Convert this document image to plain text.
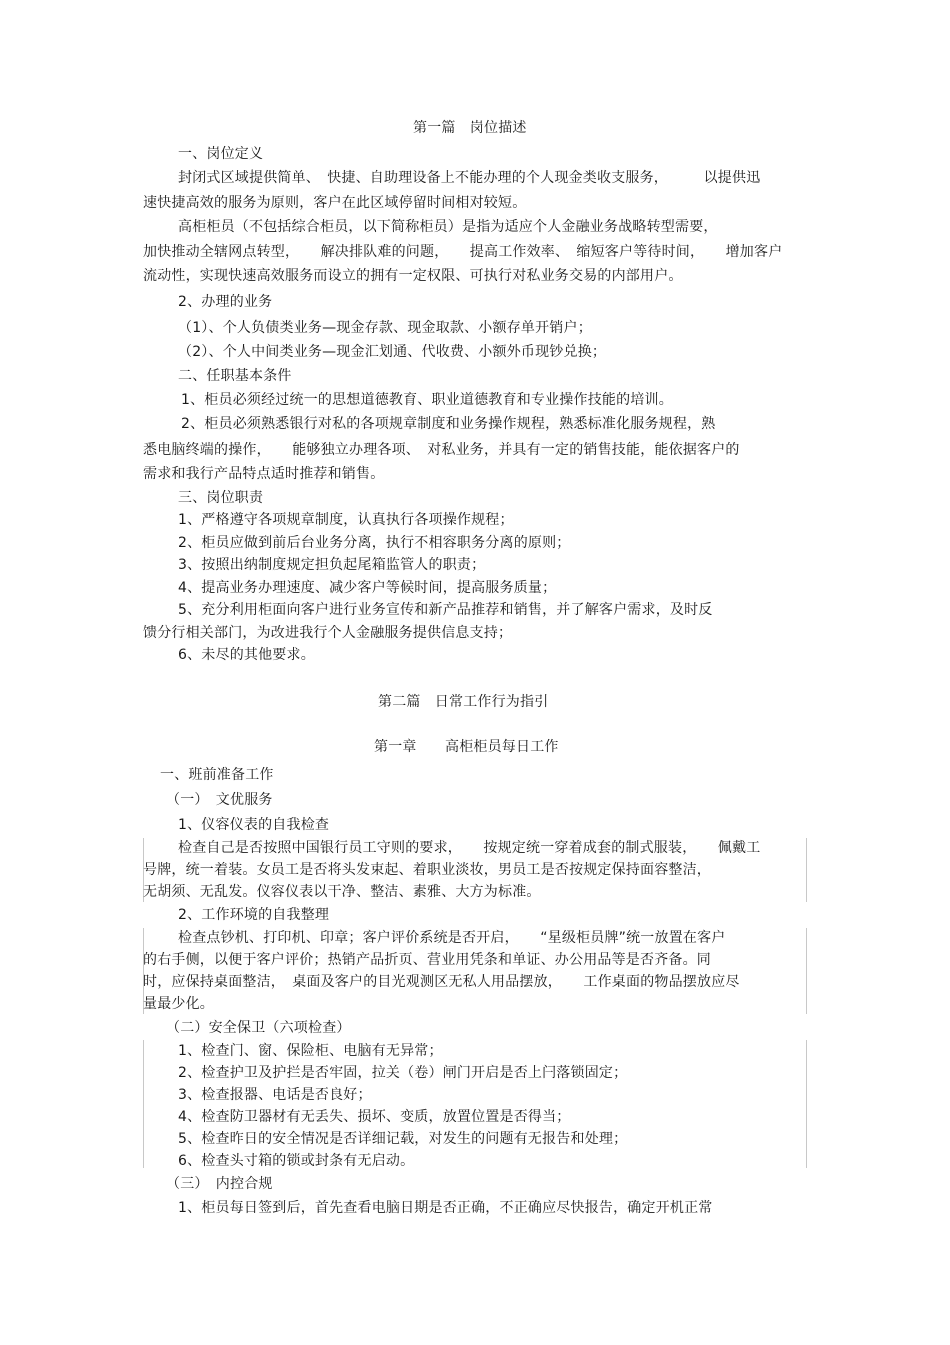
第一篇　岗位描述
一、岗位定义
封闭式区域提供简单、　快捷、自助理设备上不能办理的个人现金类收支服务，　　　以提供迅
速快捷高效的服务为原则，客户在此区域停留时间相对较短。
高柜柜员（不包括综合柜员，以下简称柜员）是指为适应个人金融业务战略转型需要，
加快推动全辖网点转型，　　解决排队难的问题，　　提高工作效率、　缩短客户等待时间，　　增加客户
流动性，实现快速高效服务而设立的拥有一定权限、可执行对私业务交易的内部用户。
2、办理的业务
（1）、个人负债类业务—现金存款、现金取款、小额存单开销户；
（2）、个人中间类业务—现金汇划通、代收费、小额外币现钞兑换；
二、任职基本条件
1、柜员必须经过统一的思想道德教育、职业道德教育和专业操作技能的培训。
2、柜员必须熟悉银行对私的各项规章制度和业务操作规程，熟悉标准化服务规程，熟
悉电脑终端的操作，　　能够独立办理各项、　对私业务，并具有一定的销售技能，能依据客户的
需求和我行产品特点适时推荐和销售。
三、岗位职责
1、严格遵守各项规章制度，认真执行各项操作规程；
2、柜员应做到前后台业务分离，执行不相容职务分离的原则；
3、按照出纳制度规定担负起尾箱监管人的职责；
4、提高业务办理速度、减少客户等候时间，提高服务质量；
5、充分利用柜面向客户进行业务宣传和新产品推荐和销售，并了解客户需求，及时反
馈分行相关部门，为改进我行个人金融服务提供信息支持；
6、未尽的其他要求。
第二篇　日常工作行为指引
第一章　　高柜柜员每日工作
一、班前准备工作
（一）　文优服务
1、仪容仪表的自我检查
检查自己是否按照中国银行员工守则的要求，　　按规定统一穿着成套的制式服装，　　佩戴工
号牌，统一着装。女员工是否将头发束起、着职业淡妆，男员工是否按规定保持面容整洁，
无胡须、无乱发。仪容仪表以干净、整洁、素雅、大方为标准。
2、工作环境的自我整理
检查点钞机、打印机、印章；客户评价系统是否开启，　　“星级柜员牌”统一放置在客户
的右手侧，以便于客户评价；热销产品折页、营业用凭条和单证、办公用品等是否齐备。同
时，应保持桌面整洁，　桌面及客户的目光观测区无私人用品摆放，　　工作桌面的物品摆放应尽
量最少化。
（二）安全保卫（六项检查）
1、检查门、窗、保险柜、电脑有无异常；
2、检查护卫及护拦是否牢固，拉关（卷）闸门开启是否上闩落锁固定；
3、检查报器、电话是否良好；
4、检查防卫器材有无丢失、损坏、变质，放置位置是否得当；
5、检查昨日的安全情况是否详细记载，对发生的问题有无报告和处理；
6、检查头寸箱的锁或封条有无启动。
（三）　内控合规
1、柜员每日签到后，首先查看电脑日期是否正确，不正确应尽快报告，确定开机正常
